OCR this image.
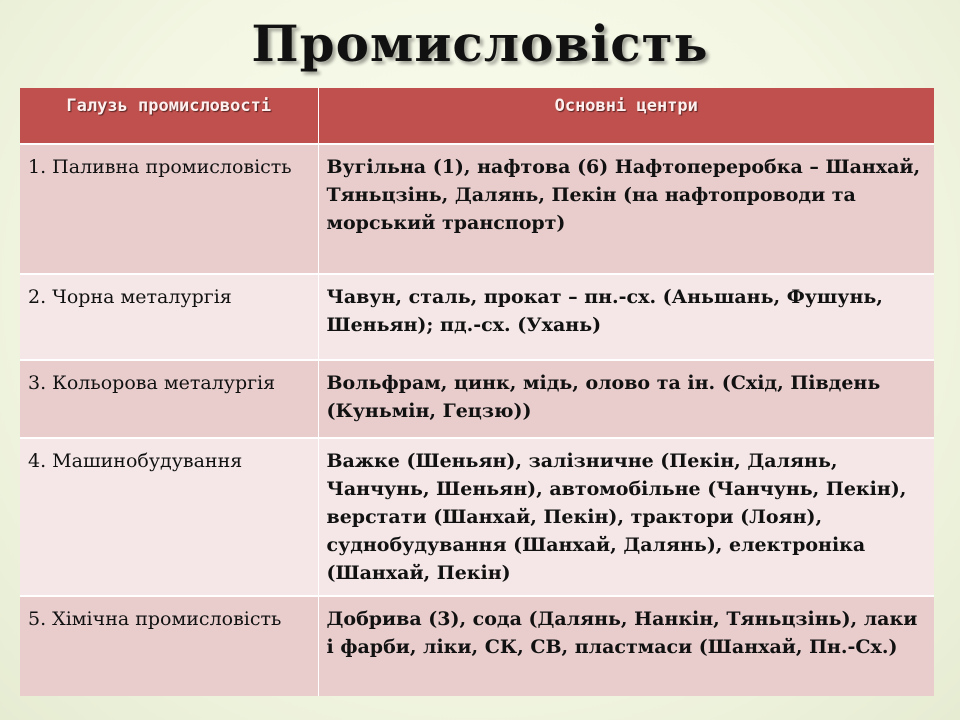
Промисловість
Галузь промисловості	Основні центри
1. Паливна промисловість	Вугільна (1), нафтова (6) Нафтопереробка – Шанхай, Тяньцзінь, Далянь, Пекін (на нафтопроводи та морський транспорт)
2. Чорна металургія	Чавун, сталь, прокат – пн.-сх. (Аньшань, Фушунь, Шеньян); пд.-сх. (Ухань)
3. Кольорова металургія	Вольфрам, цинк, мідь, олово та ін. (Схід, Південь (Куньмін, Гецзю))
4. Машинобудування	Важке (Шеньян), залізничне (Пекін, Далянь, Чанчунь, Шеньян), автомобільне (Чанчунь, Пекін), верстати (Шанхай, Пекін), трактори (Лоян), суднобудування (Шанхай, Далянь), електроніка (Шанхай, Пекін)
5. Хімічна промисловість	Добрива (3), сода (Далянь, Нанкін, Тяньцзінь), лаки і фарби, ліки, СК, СВ, пластмаси (Шанхай, Пн.-Сх.)
